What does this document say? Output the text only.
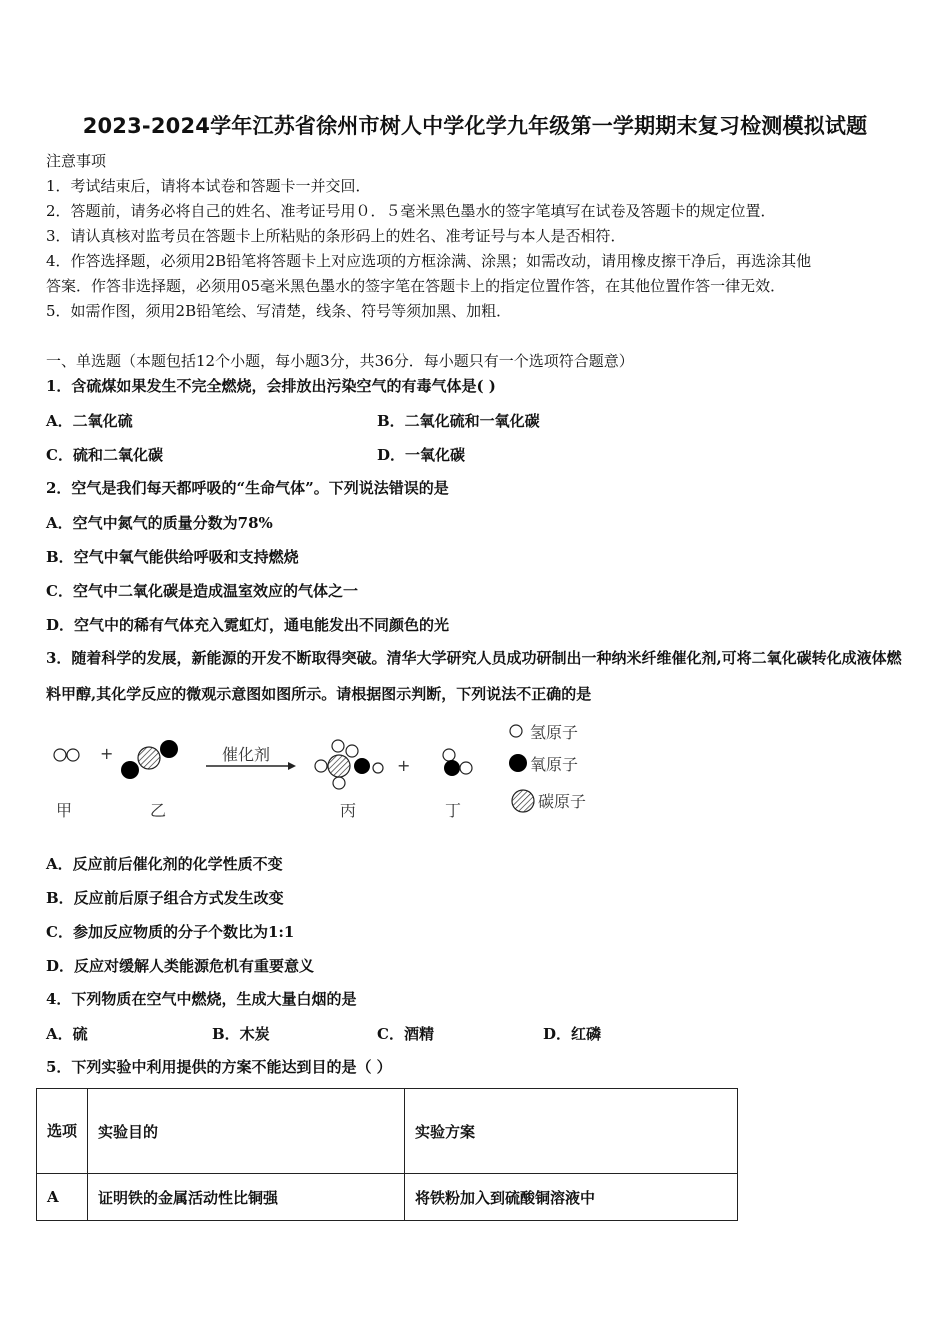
2023-2024学年江苏省徐州市树人中学化学九年级第一学期期末复习检测模拟试题
注意事项
1．考试结束后，请将本试卷和答题卡一并交回．
2．答题前，请务必将自己的姓名、准考证号用０．５毫米黑色墨水的签字笔填写在试卷及答题卡的规定位置．
3．请认真核对监考员在答题卡上所粘贴的条形码上的姓名、准考证号与本人是否相符．
4．作答选择题，必须用2B铅笔将答题卡上对应选项的方框涂满、涂黑；如需改动，请用橡皮擦干净后，再选涂其他
答案．作答非选择题，必须用05毫米黑色墨水的签字笔在答题卡上的指定位置作答，在其他位置作答一律无效．
5．如需作图，须用2B铅笔绘、写清楚，线条、符号等须加黑、加粗．
一、单选题（本题包括12个小题，每小题3分，共36分．每小题只有一个选项符合题意）
1．含硫煤如果发生不完全燃烧，会排放出污染空气的有毒气体是( )
A．二氧化硫	B．二氧化硫和一氧化碳
C．硫和二氧化碳	D．一氧化碳
2．空气是我们每天都呼吸的“生命气体”。下列说法错误的是
A．空气中氮气的质量分数为78%
B．空气中氧气能供给呼吸和支持燃烧
C．空气中二氧化碳是造成温室效应的气体之一
D．空气中的稀有气体充入霓虹灯，通电能发出不同颜色的光
3．随着科学的发展，新能源的开发不断取得突破。清华大学研究人员成功研制出一种纳米纤维催化剂,可将二氧化碳转化成液体燃料甲醇,其化学反应的微观示意图如图所示。请根据图示判断，下列说法不正确的是
+
+
催化剂
甲	乙	丙	丁
氢原子
氧原子
碳原子
A．反应前后催化剂的化学性质不变
B．反应前后原子组合方式发生改变
C．参加反应物质的分子个数比为1:1
D．反应对缓解人类能源危机有重要意义
4．下列物质在空气中燃烧，生成大量白烟的是
A．硫	B．木炭	C．酒精	D．红磷
5．下列实验中利用提供的方案不能达到目的是（ ）
选项	实验目的	实验方案
A	证明铁的金属活动性比铜强	将铁粉加入到硫酸铜溶液中
